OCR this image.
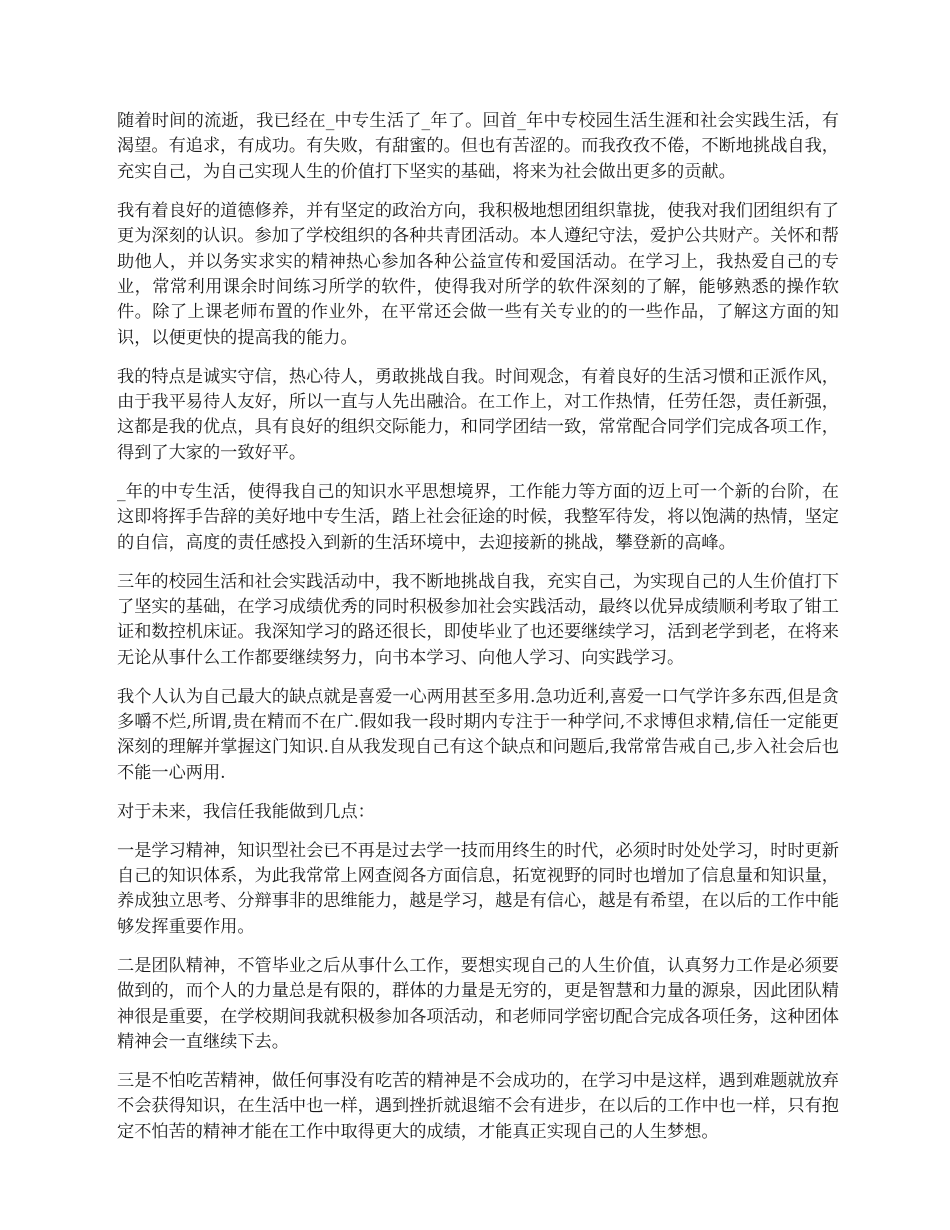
随着时间的流逝，我已经在_中专生活了_年了。回首_年中专校园生活生涯和社会实践生活，有渴望。有追求，有成功。有失败，有甜蜜的。但也有苦涩的。而我孜孜不倦，不断地挑战自我，充实自己，为自己实现人生的价值打下坚实的基础，将来为社会做出更多的贡献。

我有着良好的道德修养，并有坚定的政治方向，我积极地想团组织靠拢，使我对我们团组织有了更为深刻的认识。参加了学校组织的各种共青团活动。本人遵纪守法，爱护公共财产。关怀和帮助他人，并以务实求实的精神热心参加各种公益宣传和爱国活动。在学习上，我热爱自己的专业，常常利用课余时间练习所学的软件，使得我对所学的软件深刻的了解，能够熟悉的操作软件。除了上课老师布置的作业外，在平常还会做一些有关专业的的一些作品，了解这方面的知识，以便更快的提高我的能力。

我的特点是诚实守信，热心待人，勇敢挑战自我。时间观念，有着良好的生活习惯和正派作风，由于我平易待人友好，所以一直与人先出融洽。在工作上，对工作热情，任劳任怨，责任新强，这都是我的优点，具有良好的组织交际能力，和同学团结一致，常常配合同学们完成各项工作，得到了大家的一致好平。

_年的中专生活，使得我自己的知识水平思想境界，工作能力等方面的迈上可一个新的台阶，在这即将挥手告辞的美好地中专生活，踏上社会征途的时候，我整军待发，将以饱满的热情，坚定的自信，高度的责任感投入到新的生活环境中，去迎接新的挑战，攀登新的高峰。

三年的校园生活和社会实践活动中，我不断地挑战自我，充实自己，为实现自己的人生价值打下了坚实的基础，在学习成绩优秀的同时积极参加社会实践活动，最终以优异成绩顺利考取了钳工证和数控机床证。我深知学习的路还很长，即使毕业了也还要继续学习，活到老学到老，在将来无论从事什么工作都要继续努力，向书本学习、向他人学习、向实践学习。

我个人认为自己最大的缺点就是喜爱一心两用甚至多用.急功近利,喜爱一口气学许多东西,但是贪多嚼不烂,所谓,贵在精而不在广.假如我一段时期内专注于一种学问,不求博但求精,信任一定能更深刻的理解并掌握这门知识.自从我发现自己有这个缺点和问题后,我常常告戒自己,步入社会后也不能一心两用.

对于未来，我信任我能做到几点：

一是学习精神，知识型社会已不再是过去学一技而用终生的时代，必须时时处处学习，时时更新自己的知识体系，为此我常常上网查阅各方面信息，拓宽视野的同时也增加了信息量和知识量，养成独立思考、分辩事非的思维能力，越是学习，越是有信心，越是有希望，在以后的工作中能够发挥重要作用。

二是团队精神，不管毕业之后从事什么工作，要想实现自己的人生价值，认真努力工作是必须要做到的，而个人的力量总是有限的，群体的力量是无穷的，更是智慧和力量的源泉，因此团队精神很是重要，在学校期间我就积极参加各项活动，和老师同学密切配合完成各项任务，这种团体精神会一直继续下去。

三是不怕吃苦精神，做任何事没有吃苦的精神是不会成功的，在学习中是这样，遇到难题就放弃不会获得知识，在生活中也一样，遇到挫折就退缩不会有进步，在以后的工作中也一样，只有抱定不怕苦的精神才能在工作中取得更大的成绩，才能真正实现自己的人生梦想。
